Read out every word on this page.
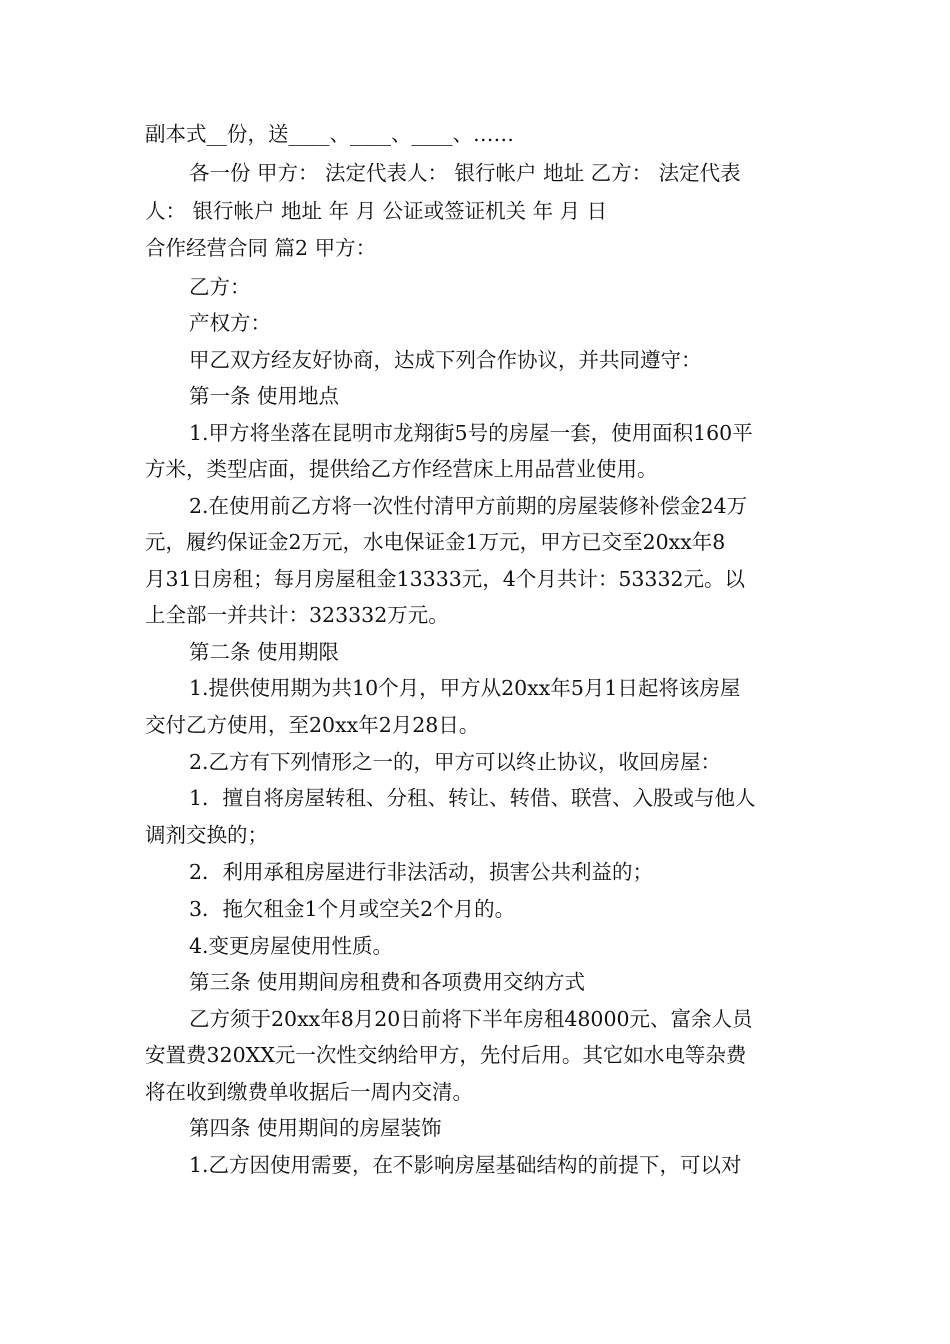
副本式__份，送____、____、____、……
各一份 甲方： 法定代表人： 银行帐户 地址 乙方： 法定代表
人： 银行帐户 地址 年 月 公证或签证机关 年 月 日
合作经营合同 篇2 甲方：
乙方：
产权方：
甲乙双方经友好协商，达成下列合作协议，并共同遵守：
第一条 使用地点
1.甲方将坐落在昆明市龙翔街5号的房屋一套，使用面积160平
方米，类型店面，提供给乙方作经营床上用品营业使用。
2.在使用前乙方将一次性付清甲方前期的房屋装修补偿金24万
元，履约保证金2万元，水电保证金1万元，甲方已交至20xx年8
月31日房租；每月房屋租金13333元，4个月共计：53332元。以
上全部一并共计：323332万元。
第二条 使用期限
1.提供使用期为共10个月，甲方从20xx年5月1日起将该房屋
交付乙方使用，至20xx年2月28日。
2.乙方有下列情形之一的，甲方可以终止协议，收回房屋：
1．擅自将房屋转租、分租、转让、转借、联营、入股或与他人
调剂交换的；
2．利用承租房屋进行非法活动，损害公共利益的；
3．拖欠租金1个月或空关2个月的。
4.变更房屋使用性质。
第三条 使用期间房租费和各项费用交纳方式
乙方须于20xx年8月20日前将下半年房租48000元、富余人员
安置费320XX元一次性交纳给甲方，先付后用。其它如水电等杂费
将在收到缴费单收据后一周内交清。
第四条 使用期间的房屋装饰
1.乙方因使用需要，在不影响房屋基础结构的前提下，可以对
